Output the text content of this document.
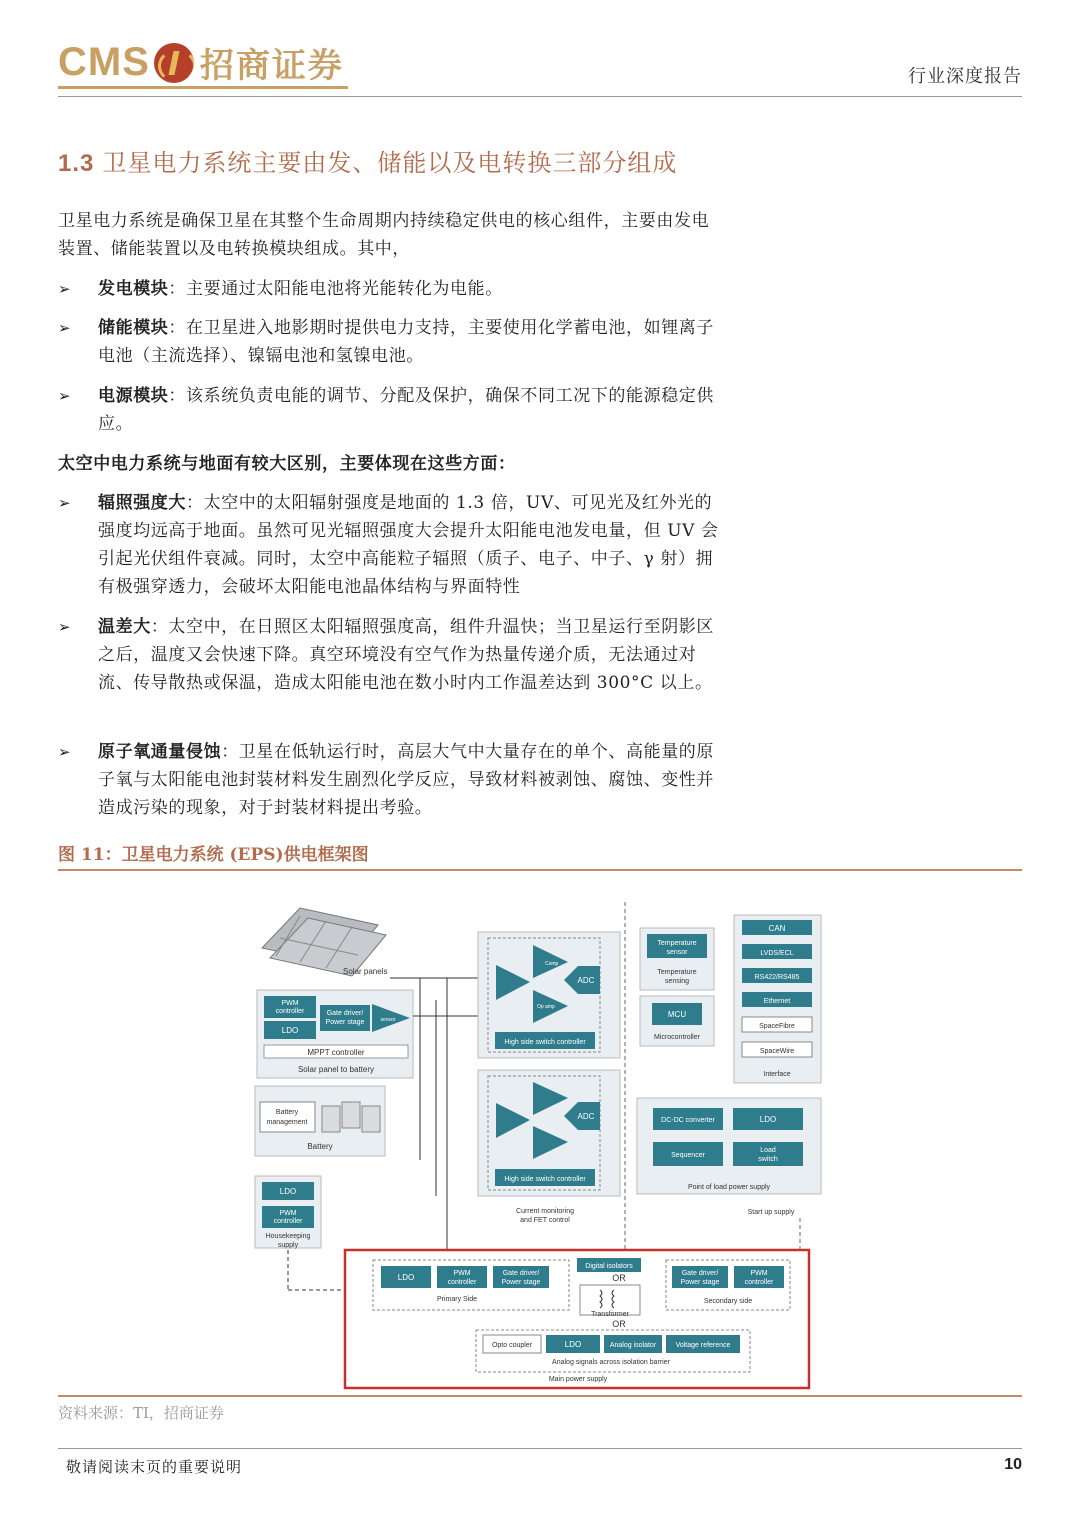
CMS 招商证券	行业深度报告
1.3 卫星电力系统主要由发、储能以及电转换三部分组成
卫星电力系统是确保卫星在其整个生命周期内持续稳定供电的核心组件，主要由发电装置、储能装置以及电转换模块组成。其中，
➢ 发电模块：主要通过太阳能电池将光能转化为电能。
➢ 储能模块：在卫星进入地影期时提供电力支持，主要使用化学蓄电池，如锂离子电池（主流选择）、镍镉电池和氢镍电池。
➢ 电源模块：该系统负责电能的调节、分配及保护，确保不同工况下的能源稳定供应。
太空中电力系统与地面有较大区别，主要体现在这些方面：
➢ 辐照强度大：太空中的太阳辐射强度是地面的 1.3 倍，UV、可见光及红外光的强度均远高于地面。虽然可见光辐照强度大会提升太阳能电池发电量，但 UV 会引起光伏组件衰减。同时，太空中高能粒子辐照（质子、电子、中子、γ 射）拥有极强穿透力，会破坏太阳能电池晶体结构与界面特性
➢ 温差大：太空中，在日照区太阳辐照强度高，组件升温快；当卫星运行至阴影区之后，温度又会快速下降。真空环境没有空气作为热量传递介质，无法通过对流、传导散热或保温，造成太阳能电池在数小时内工作温差达到 300°C 以上。
➢ 原子氧通量侵蚀：卫星在低轨运行时，高层大气中大量存在的单个、高能量的原子氧与太阳能电池封装材料发生剧烈化学反应，导致材料被剥蚀、腐蚀、变性并造成污染的现象，对于封装材料提出考验。
图 11：卫星电力系统 (EPS)供电框架图
Solar panels
PWM
controller
LDO
Gate driver/
Power stage	sensor
MPPT controller
Solar panel to battery
Battery
management
Battery
LDO
PWM
controller
Housekeeping
supply
Comp
Op amp
ADC
High side switch controller
ADC
High side switch controller
Current monitoring
and FET control
Temperature
sensor
Temperature
sensing
MCU
Microcontroller
CAN
LVDS/ECL
RS422/RS485
Ethernet
SpaceFibre
SpaceWire
Interface
DC-DC converter	LDO
Sequencer
Load
switch
Point of load power supply
Start up supply
LDO	PWM
controller
Gate driver/
Power stage
Primary Side
Digital isolators
OR
Transformer
OR
Gate driver/
Power stage
PWM
controller
Secondary side
Opto coupler	LDO	Analog isolator	Voltage reference
Analog signals across isolation barrier
Main power supply
资料来源：TI，招商证券
敬请阅读末页的重要说明	10
